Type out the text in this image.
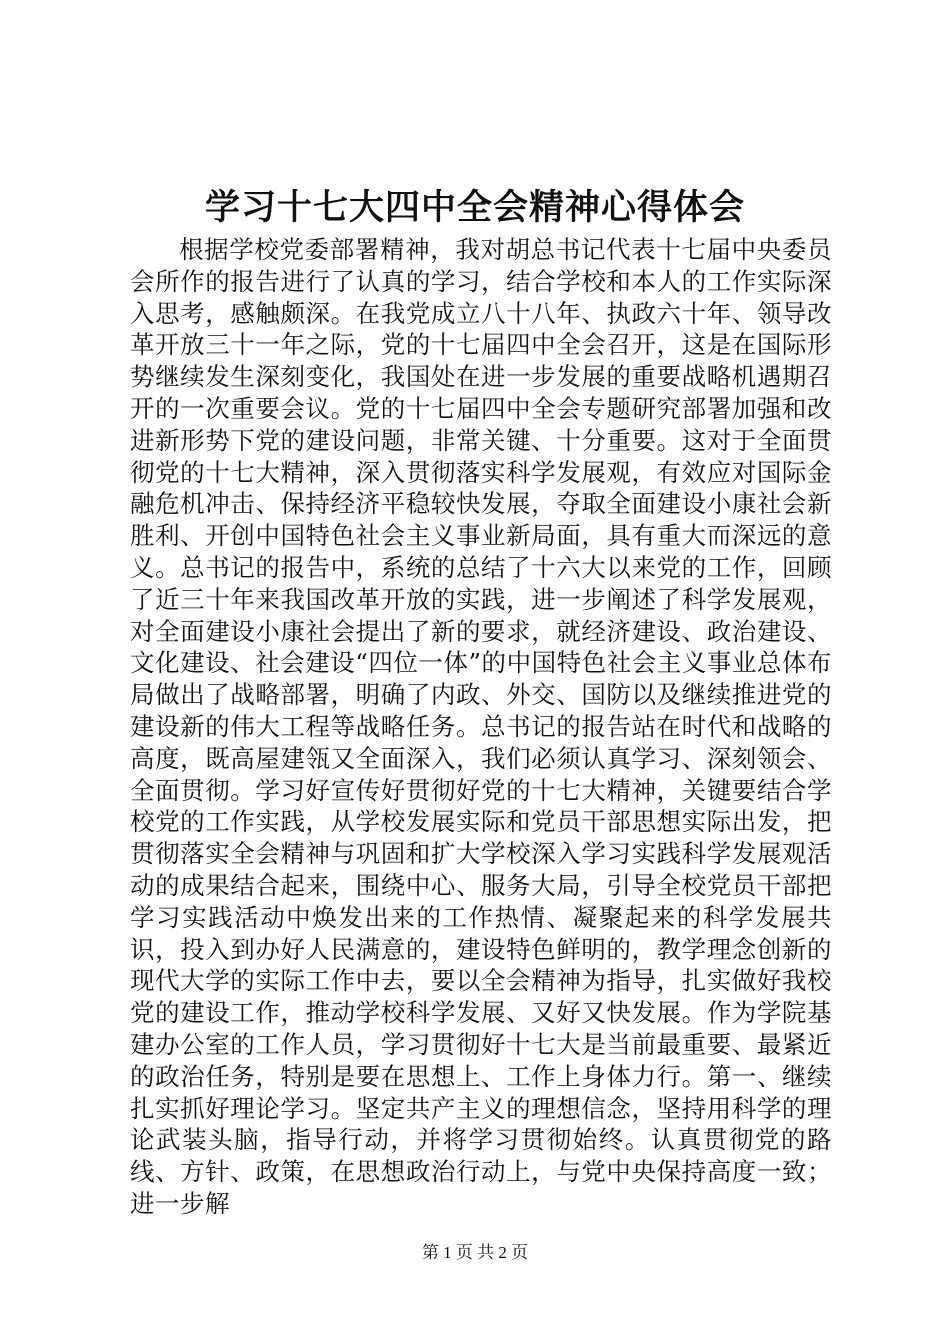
学习十七大四中全会精神心得体会
根据学校党委部署精神，我对胡总书记代表十七届中央委员会所作的报告进行了认真的学习，结合学校和本人的工作实际深入思考，感触颇深。在我党成立八十八年、执政六十年、领导改革开放三十一年之际，党的十七届四中全会召开，这是在国际形势继续发生深刻变化，我国处在进一步发展的重要战略机遇期召开的一次重要会议。党的十七届四中全会专题研究部署加强和改进新形势下党的建设问题，非常关键、十分重要。这对于全面贯彻党的十七大精神，深入贯彻落实科学发展观，有效应对国际金融危机冲击、保持经济平稳较快发展，夺取全面建设小康社会新胜利、开创中国特色社会主义事业新局面，具有重大而深远的意义。总书记的报告中，系统的总结了十六大以来党的工作，回顾了近三十年来我国改革开放的实践，进一步阐述了科学发展观，对全面建设小康社会提出了新的要求，就经济建设、政治建设、文化建设、社会建设“四位一体”的中国特色社会主义事业总体布局做出了战略部署，明确了内政、外交、国防以及继续推进党的建设新的伟大工程等战略任务。总书记的报告站在时代和战略的高度，既高屋建瓴又全面深入，我们必须认真学习、深刻领会、全面贯彻。学习好宣传好贯彻好党的十七大精神，关键要结合学校党的工作实践，从学校发展实际和党员干部思想实际出发，把贯彻落实全会精神与巩固和扩大学校深入学习实践科学发展观活动的成果结合起来，围绕中心、服务大局，引导全校党员干部把学习实践活动中焕发出来的工作热情、凝聚起来的科学发展共识，投入到办好人民满意的，建设特色鲜明的，教学理念创新的现代大学的实际工作中去，要以全会精神为指导，扎实做好我校党的建设工作，推动学校科学发展、又好又快发展。作为学院基建办公室的工作人员，学习贯彻好十七大是当前最重要、最紧近的政治任务，特别是要在思想上、工作上身体力行。第一、继续扎实抓好理论学习。坚定共产主义的理想信念，坚持用科学的理论武装头脑，指导行动，并将学习贯彻始终。认真贯彻党的路线、方针、政策，在思想政治行动上，与党中央保持高度一致；进一步解
第 1 页 共 2 页
